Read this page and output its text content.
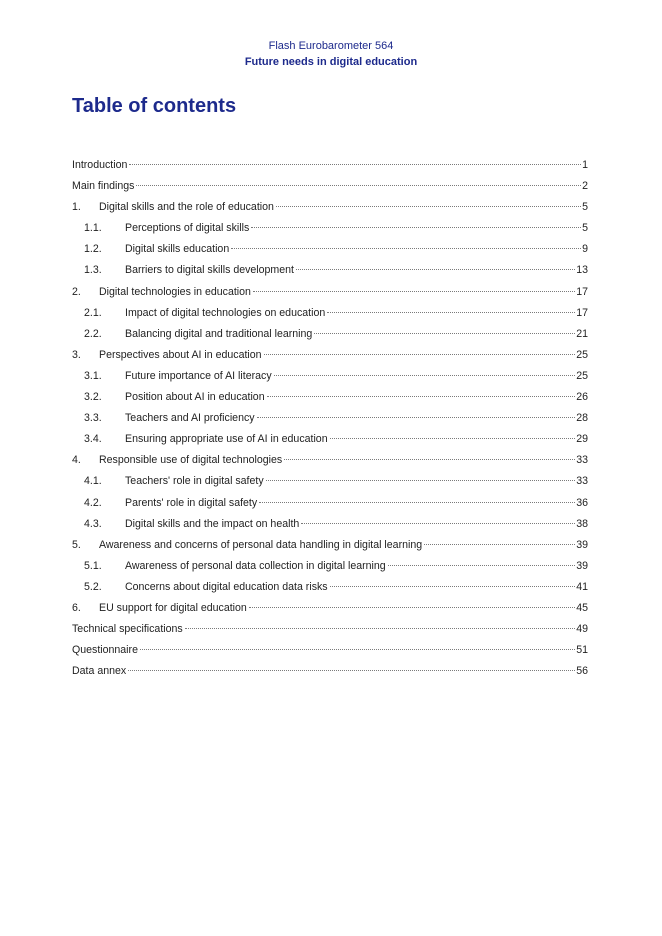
Flash Eurobarometer 564
Future needs in digital education
Table of contents
Introduction	1
Main findings	2
1.	Digital skills and the role of education	5
1.1.	Perceptions of digital skills	5
1.2.	Digital skills education	9
1.3.	Barriers to digital skills development	13
2.	Digital technologies in education	17
2.1.	Impact of digital technologies on education	17
2.2.	Balancing digital and traditional learning	21
3.	Perspectives about AI in education	25
3.1.	Future importance of AI literacy	25
3.2.	Position about AI in education	26
3.3.	Teachers and AI proficiency	28
3.4.	Ensuring appropriate use of AI in education	29
4.	Responsible use of digital technologies	33
4.1.	Teachers' role in digital safety	33
4.2.	Parents' role in digital safety	36
4.3.	Digital skills and the impact on health	38
5.	Awareness and concerns of personal data handling in digital learning	39
5.1.	Awareness of personal data collection in digital learning	39
5.2.	Concerns about digital education data risks	41
6.	EU support for digital education	45
Technical specifications	49
Questionnaire	51
Data annex	56
